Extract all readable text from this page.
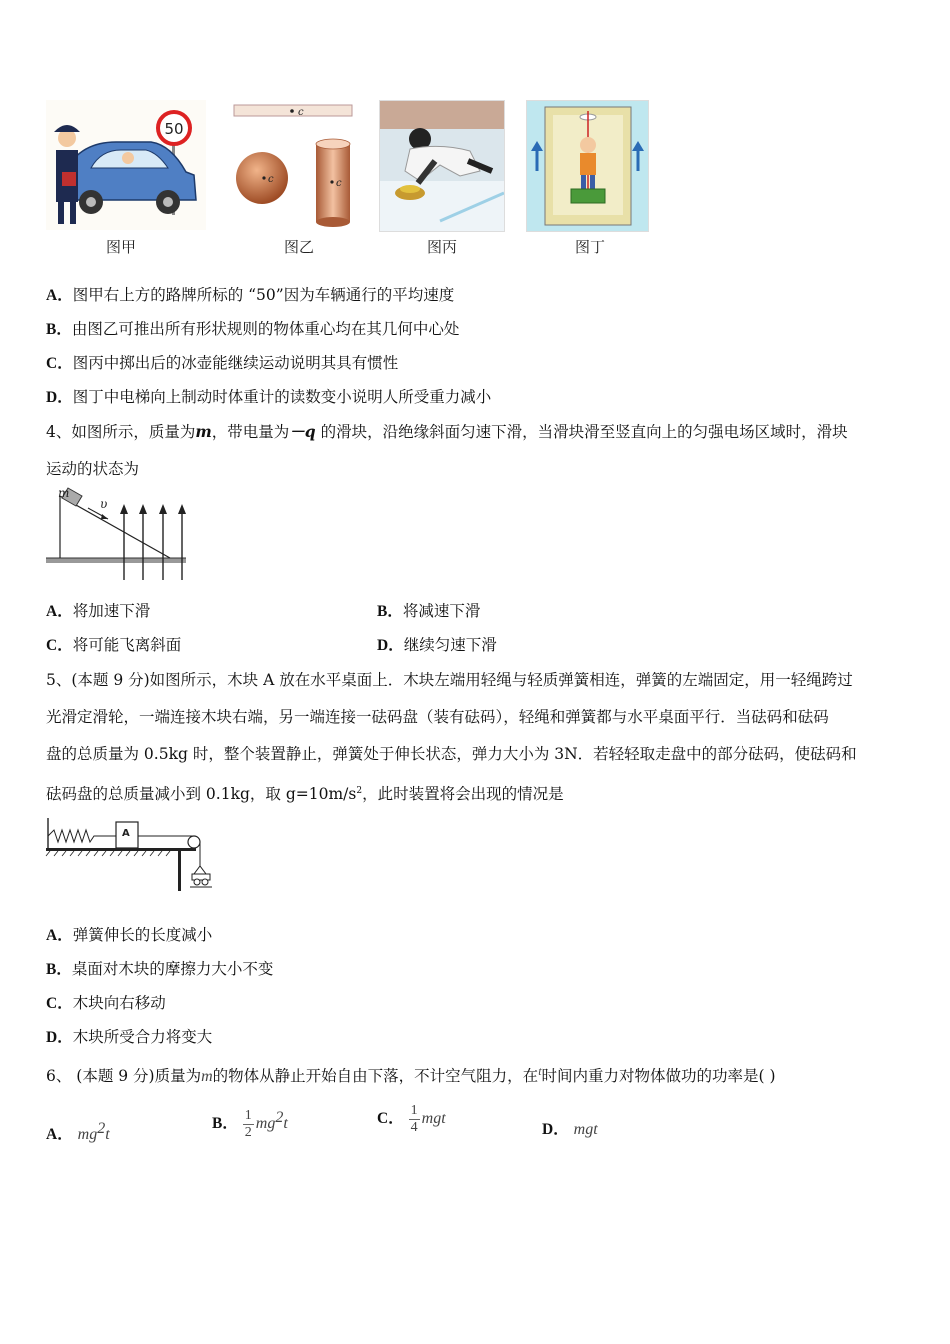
50
图甲
c
c	c
图乙	图丙	图丁
A．图甲右上方的路牌所标的 “50”因为车辆通行的平均速度
B．由图乙可推出所有形状规则的物体重心均在其几何中心处
C．图丙中掷出后的冰壶能继续运动说明其具有惯性
D．图丁中电梯向上制动时体重计的读数变小说明人所受重力减小
4、如图所示，质量为m，带电量为－q 的滑块，沿绝缘斜面匀速下滑，当滑块滑至竖直向上的匀强电场区域时，滑块
运动的状态为
m
υ
A．将加速下滑	B．将减速下滑
C．将可能飞离斜面	D．继续匀速下滑
5、(本题 9 分)如图所示，木块 A 放在水平桌面上．木块左端用轻绳与轻质弹簧相连，弹簧的左端固定，用一轻绳跨过
光滑定滑轮，一端连接木块右端，另一端连接一砝码盘（装有砝码），轻绳和弹簧都与水平桌面平行．当砝码和砝码
盘的总质量为 0.5kg 时，整个装置静止，弹簧处于伸长状态，弹力大小为 3N．若轻轻取走盘中的部分砝码，使砝码和
砝码盘的总质量减小到 0.1kg，取 $g=10m/s^2$，此时装置将会出现的情况是
A
A．弹簧伸长的长度减小
B．桌面对木块的摩擦力大小不变
C．木块向右移动
D．木块所受合力将变大
6、 (本题 9 分)质量为m的物体从静止开始自由下落，不计空气阻力，在$^t$时间内重力对物体做功的功率是( )
A． $mg^2t$
B． $\frac{1}{2} mg^2t$	C． $\frac{1}{4}$ mgt
D． mgt
